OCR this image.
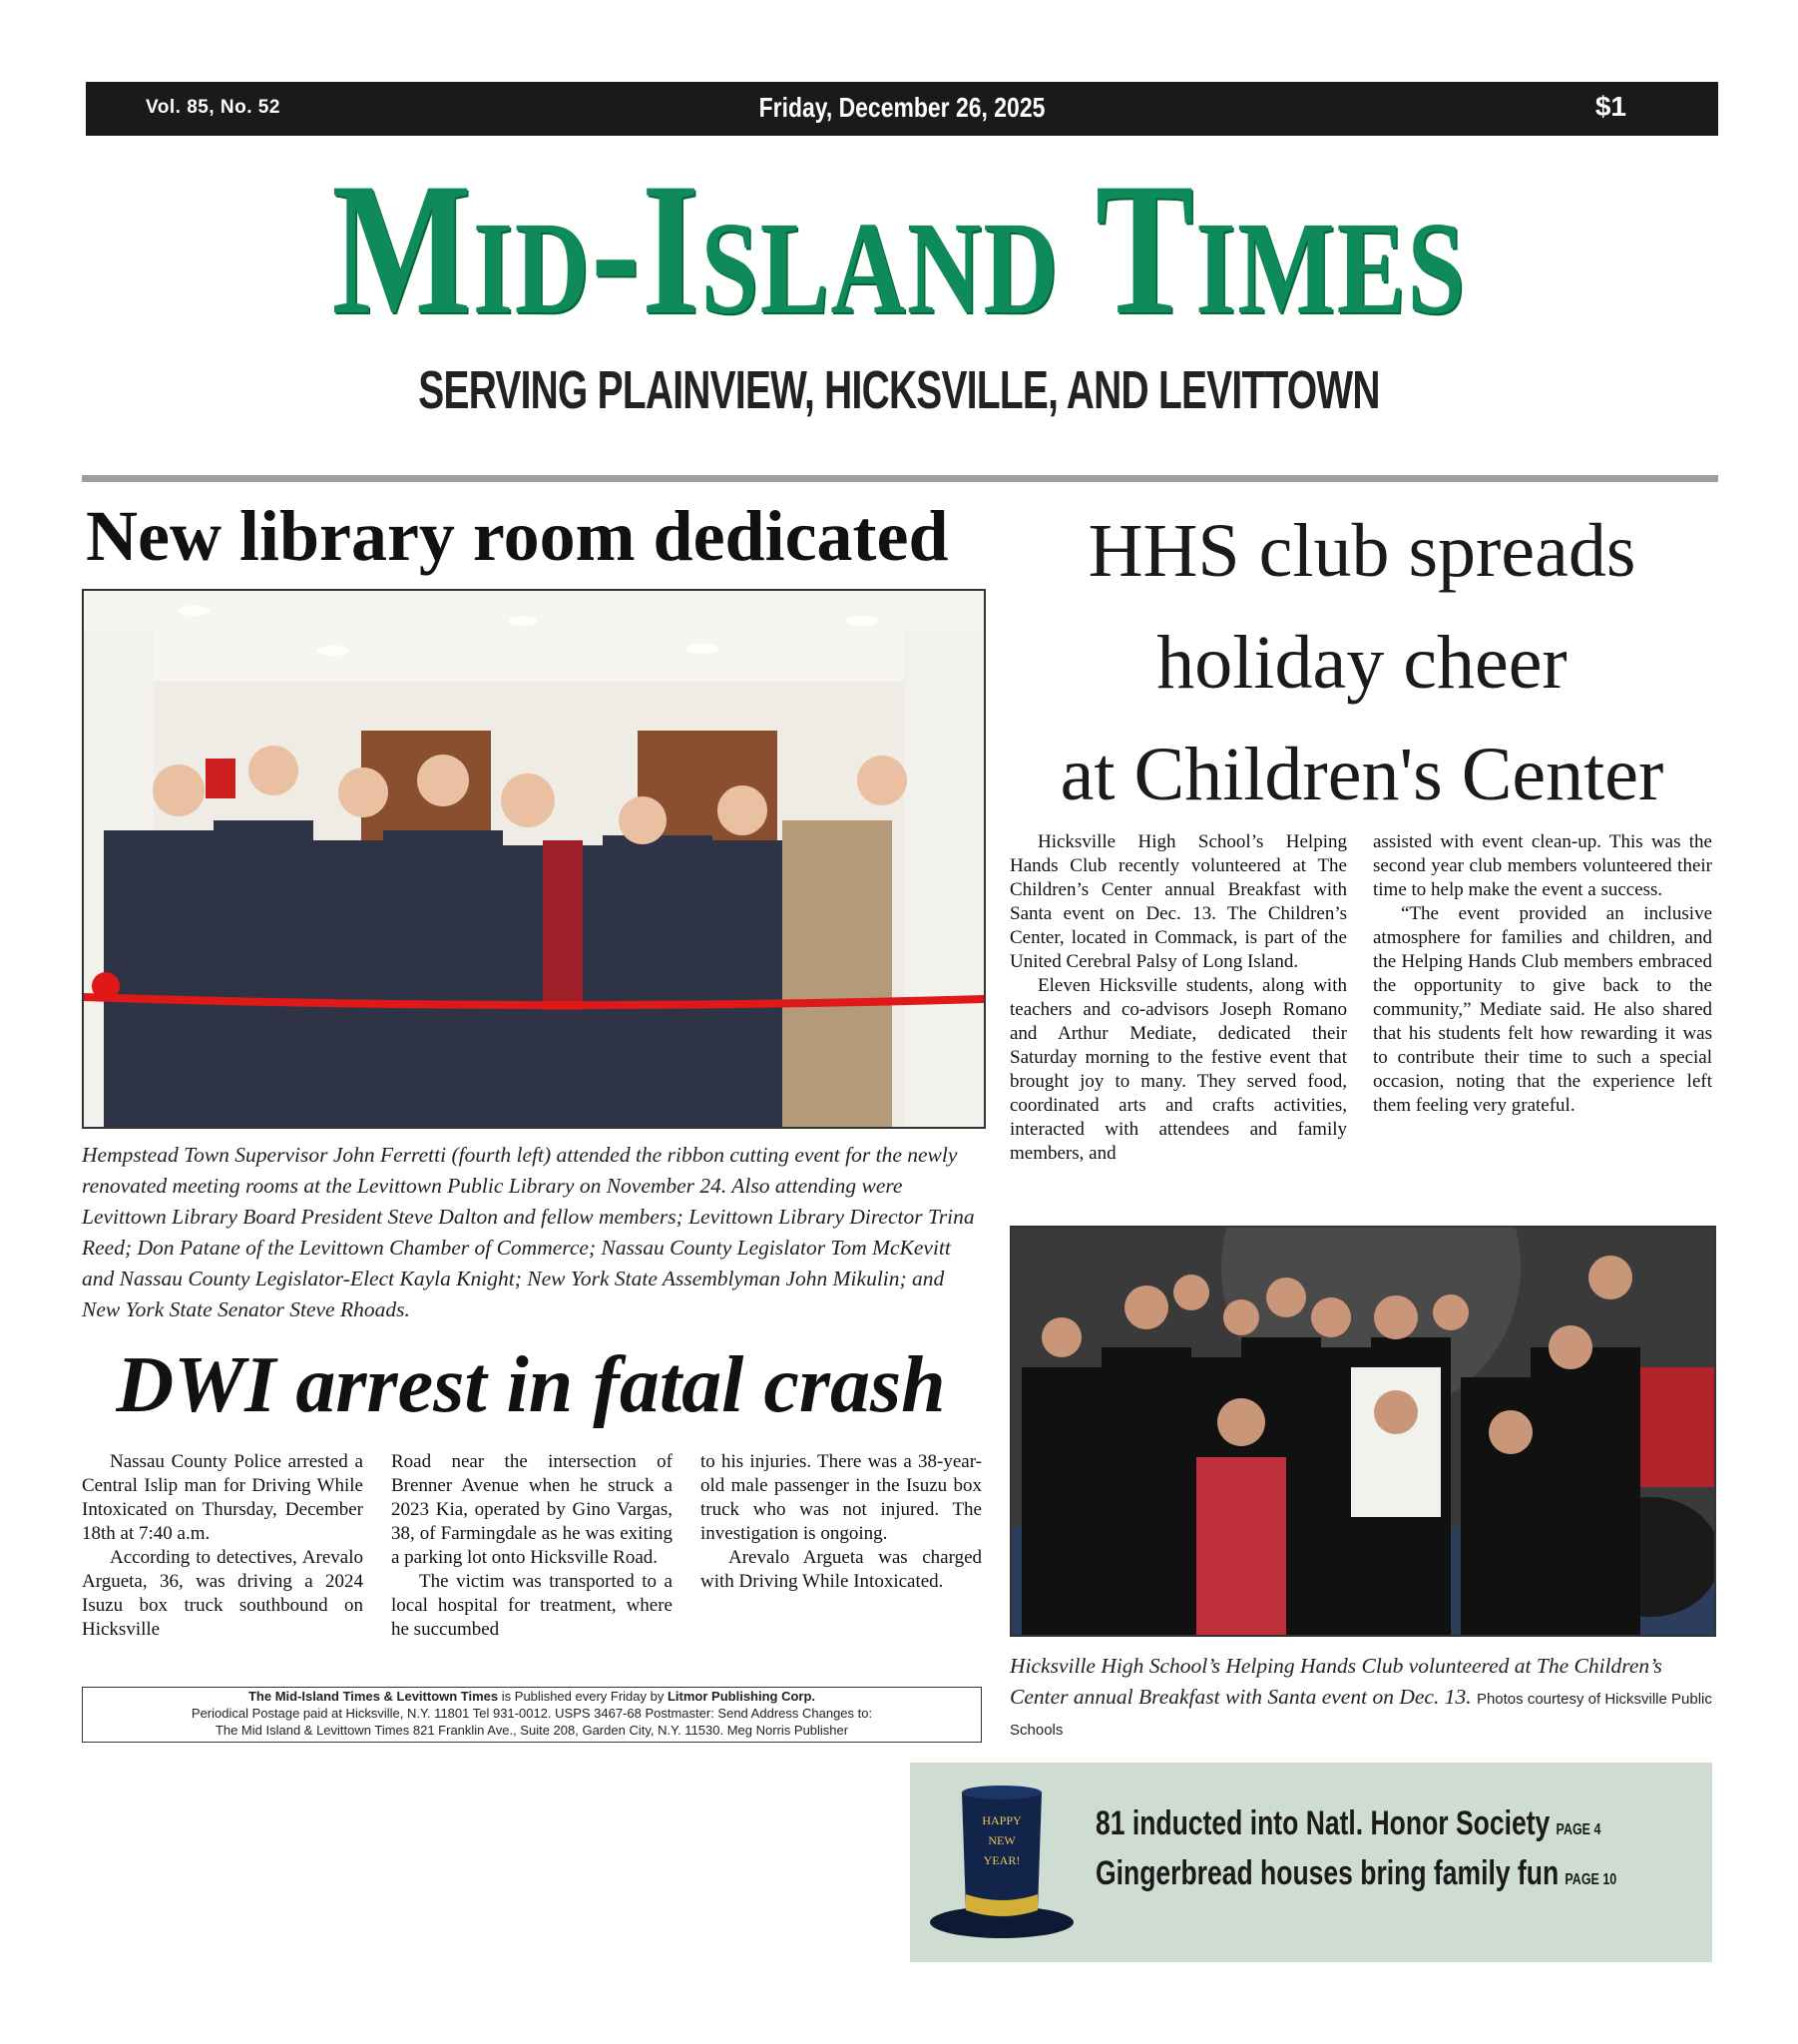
Vol. 85, No. 52	Friday, December 26, 2025	$1
Mid-Island Times
SERVING PLAINVIEW, HICKSVILLE, AND LEVITTOWN
New library room dedicated
Hempstead Town Supervisor John Ferretti (fourth left) attended the ribbon cutting event for the newly renovated meeting rooms at the Levittown Public Library on November 24. Also attending were Levittown Library Board President Steve Dalton and fellow members; Levittown Library Director Trina Reed; Don Patane of the Levittown Chamber of Commerce; Nassau County Legislator Tom McKevitt and Nassau County Legislator-Elect Kayla Knight; New York State Assemblyman John Mikulin; and New York State Senator Steve Rhoads.
HHS club spreads
holiday cheer
at Children's Center

Hicksville High School’s Helping Hands Club recently volunteered at The Children’s Center annual Breakfast with Santa event on Dec. 13. The Children’s Center, located in Commack, is part of the United Cerebral Palsy of Long Island.

Eleven Hicksville students, along with teachers and co-advisors Joseph Romano and Arthur Mediate, dedicated their Saturday morning to the festive event that brought joy to many. They served food, coordinated arts and crafts activities, interacted with attendees and family members, and

assisted with event clean-up. This was the second year club members volunteered their time to help make the event a success.

“The event provided an inclusive atmosphere for families and children, and the Helping Hands Club members embraced the opportunity to give back to the community,” Mediate said. He also shared that his students felt how rewarding it was to contribute their time to such a special occasion, noting that the experience left them feeling very grateful.

Hicksville High School’s Helping Hands Club volunteered at The Children’s Center annual Breakfast with Santa event on Dec. 13. Photos courtesy of Hicksville Public Schools
DWI arrest in fatal crash

Nassau County Police arrested a Central Islip man for Driving While Intoxicated on Thursday, December 18th at 7:40 a.m.

According to detectives, Arevalo Argueta, 36, was driving a 2024 Isuzu box truck southbound on Hicksville

Road near the intersection of Brenner Avenue when he struck a 2023 Kia, operated by Gino Vargas, 38, of Farmingdale as he was exiting a parking lot onto Hicksville Road.

The victim was transported to a local hospital for treatment, where he succumbed

to his injuries. There was a 38-year-old male passenger in the Isuzu box truck who was not injured. The investigation is ongoing.

Arevalo Argueta was charged with Driving While Intoxicated.

The Mid-Island Times & Levittown Times is Published every Friday by Litmor Publishing Corp.
Periodical Postage paid at Hicksville, N.Y. 11801 Tel 931-0012. USPS 3467-68 Postmaster: Send Address Changes to:
The Mid Island & Levittown Times 821 Franklin Ave., Suite 208, Garden City, N.Y. 11530. Meg Norris Publisher
HAPPY
NEW
YEAR!
81 inducted into Natl. Honor Society PAGE 4
Gingerbread houses bring family fun PAGE 10
